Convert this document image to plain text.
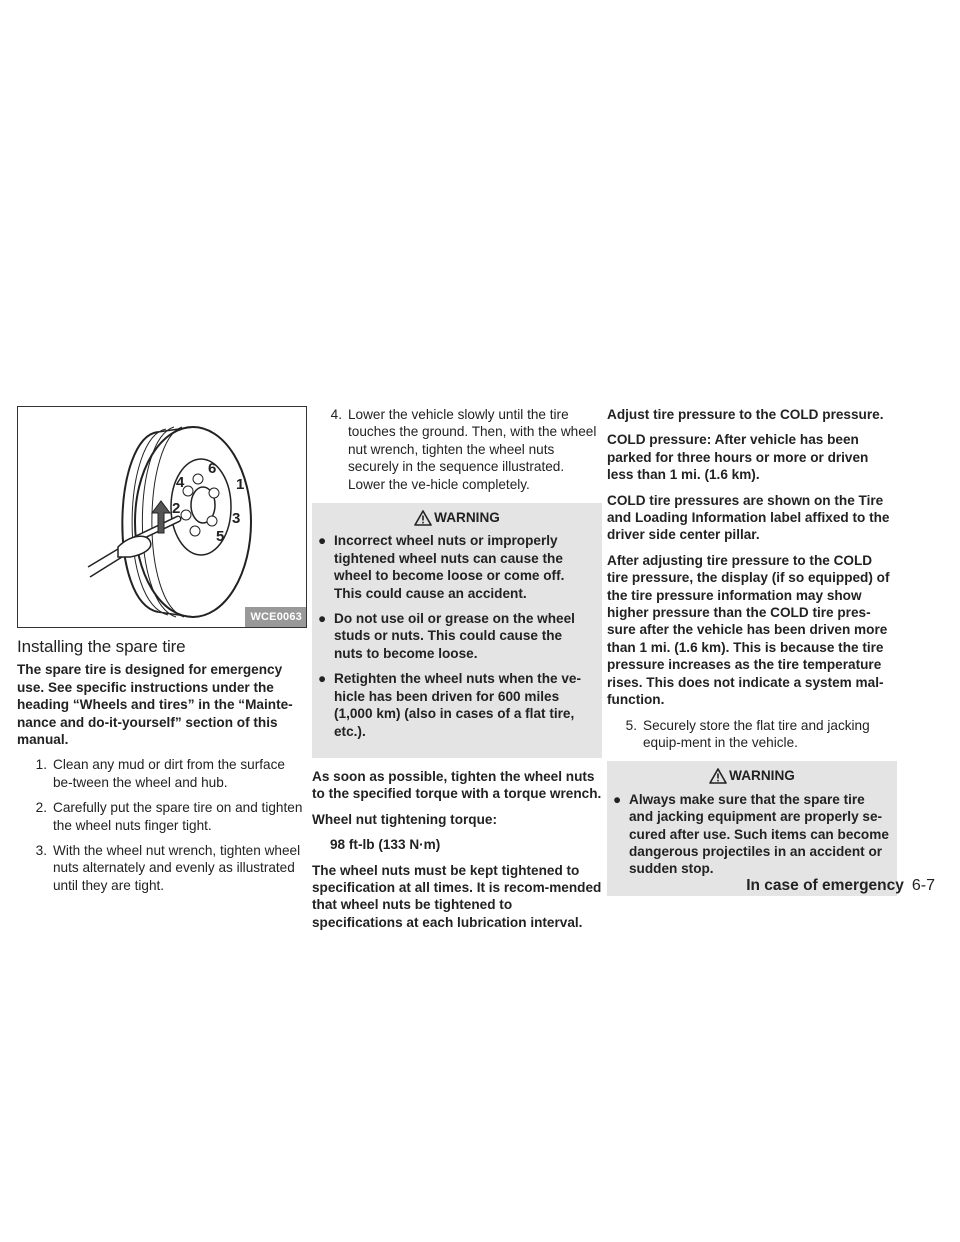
6
1
4
2
3
5
WCE0063
Installing the spare tire

The spare tire is designed for emergency use. See specific instructions under the heading “Wheels and tires” in the “Mainte-nance and do-it-yourself” section of this manual.

1. Clean any mud or dirt from the surface be-tween the wheel and hub.
2. Carefully put the spare tire on and tighten the wheel nuts finger tight.
3. With the wheel nut wrench, tighten wheel nuts alternately and evenly as illustrated until they are tight.
4. Lower the vehicle slowly until the tire touches the ground. Then, with the wheel nut wrench, tighten the wheel nuts securely in the sequence illustrated. Lower the ve-hicle completely.
WARNING
● Incorrect wheel nuts or improperly tightened wheel nuts can cause the wheel to become loose or come off. This could cause an accident.
● Do not use oil or grease on the wheel studs or nuts. This could cause the nuts to become loose.
● Retighten the wheel nuts when the ve-hicle has been driven for 600 miles (1,000 km) (also in cases of a flat tire, etc.).

As soon as possible, tighten the wheel nuts to the specified torque with a torque wrench.

Wheel nut tightening torque:

98 ft-lb (133 N·m)

The wheel nuts must be kept tightened to specification at all times. It is recom-mended that wheel nuts be tightened to specifications at each lubrication interval.

Adjust tire pressure to the COLD pressure.

COLD pressure: After vehicle has been parked for three hours or more or driven less than 1 mi. (1.6 km).

COLD tire pressures are shown on the Tire and Loading Information label affixed to the driver side center pillar.

After adjusting tire pressure to the COLD tire pressure, the display (if so equipped) of the tire pressure information may show higher pressure than the COLD tire pres-sure after the vehicle has been driven more than 1 mi. (1.6 km). This is because the tire pressure increases as the tire temperature rises. This does not indicate a system mal-function.

5. Securely store the flat tire and jacking equip-ment in the vehicle.
WARNING
● Always make sure that the spare tire and jacking equipment are properly se-cured after use. Such items can become dangerous projectiles in an accident or sudden stop.
In case of emergency 6-7
